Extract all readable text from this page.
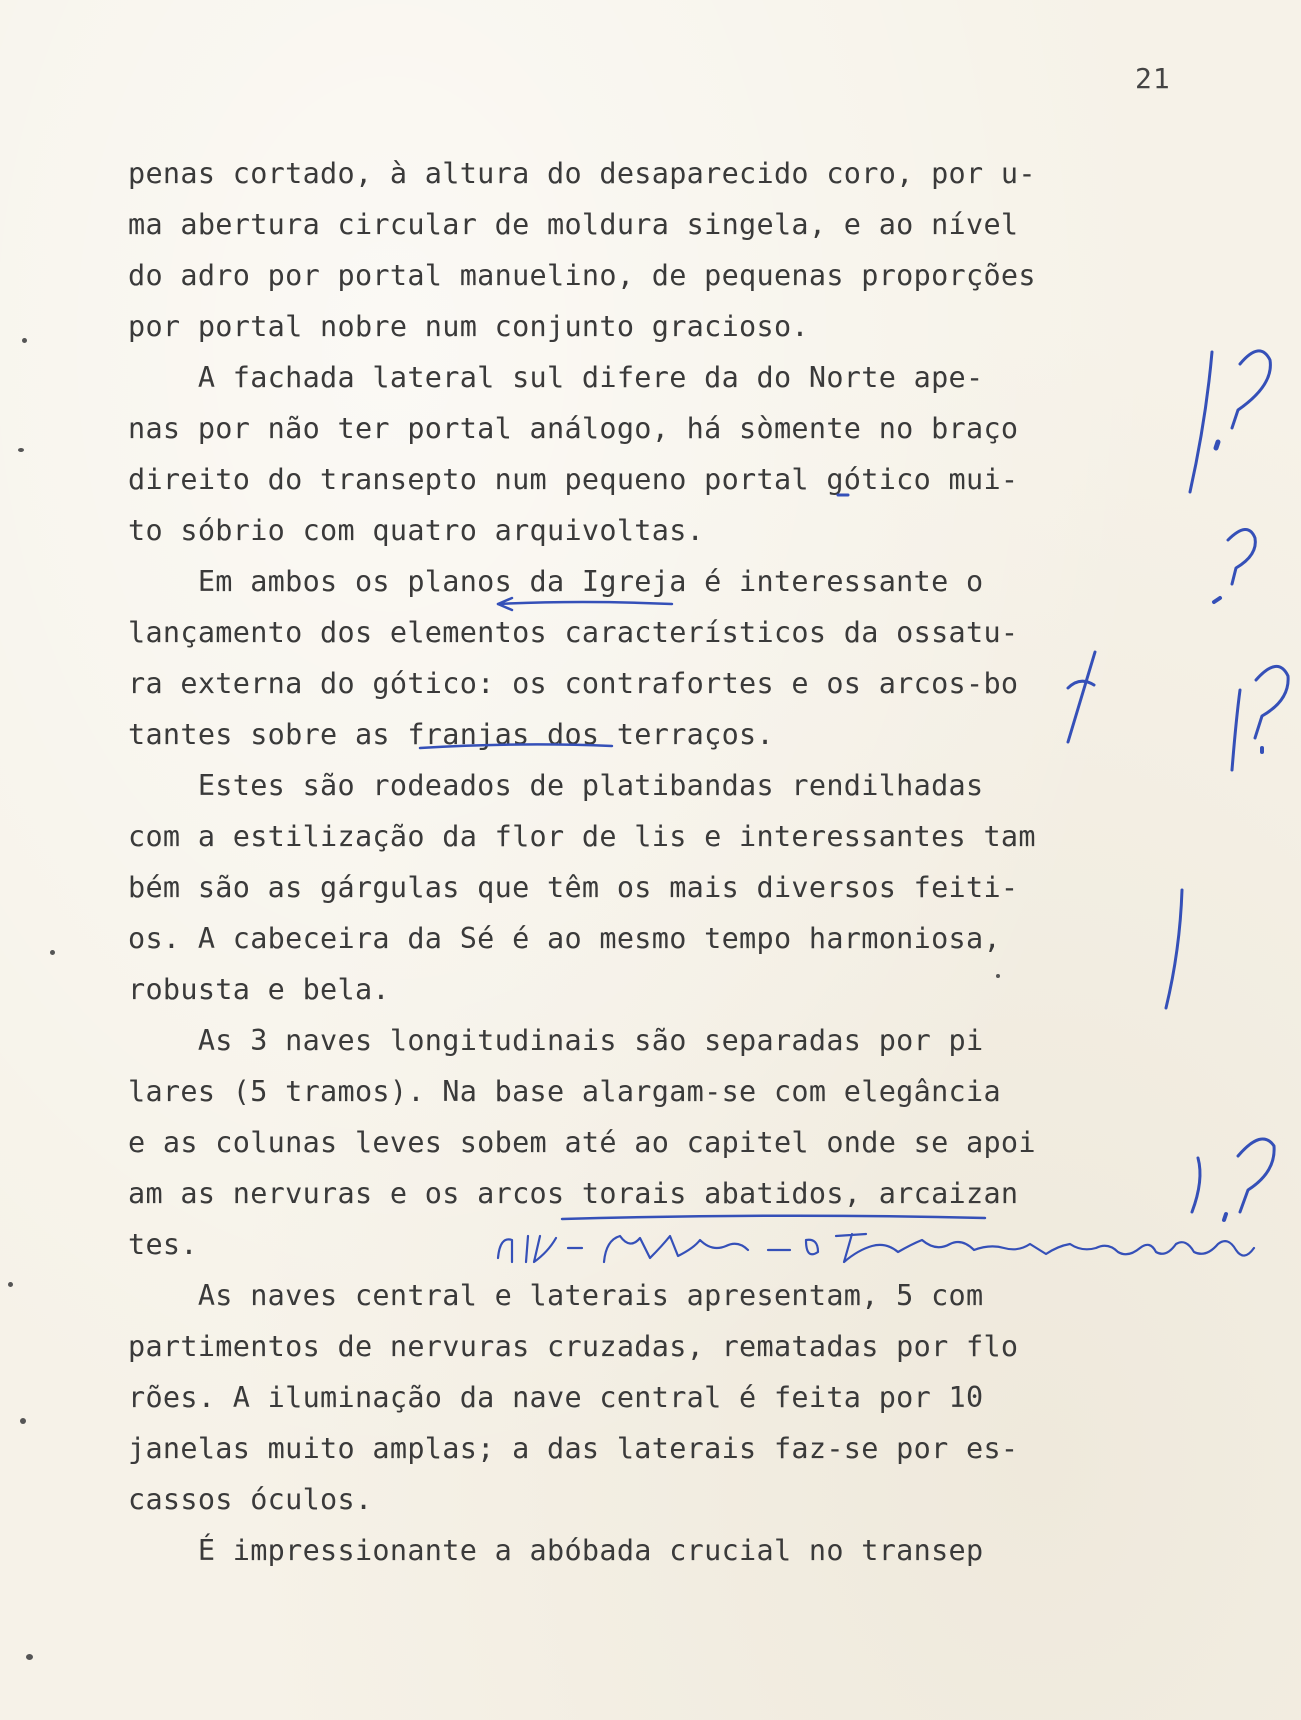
21
penas cortado, à altura do desaparecido coro, por u-
ma abertura circular de moldura singela, e ao nível
do adro por portal manuelino, de pequenas proporções
por portal nobre num conjunto gracioso.
A fachada lateral sul difere da do Norte ape-
nas por não ter portal análogo, há sòmente no braço
direito do transepto num pequeno portal gótico mui-
to sóbrio com quatro arquivoltas.
Em ambos os planos da Igreja é interessante o
lançamento dos elementos característicos da ossatu-
ra externa do gótico: os contrafortes e os arcos-bo
tantes sobre as franjas dos terraços.
Estes são rodeados de platibandas rendilhadas
com a estilização da flor de lis e interessantes tam
bém são as gárgulas que têm os mais diversos feiti-
os. A cabeceira da Sé é ao mesmo tempo harmoniosa,
robusta e bela.
As 3 naves longitudinais são separadas por pi
lares (5 tramos). Na base alargam-se com elegância
e as colunas leves sobem até ao capitel onde se apoi
am as nervuras e os arcos torais abatidos, arcaizan
tes.
As naves central e laterais apresentam, 5 com
partimentos de nervuras cruzadas, rematadas por flo
rões. A iluminação da nave central é feita por 10
janelas muito amplas; a das laterais faz-se por es-
cassos óculos.
É impressionante a abóbada crucial no transep
